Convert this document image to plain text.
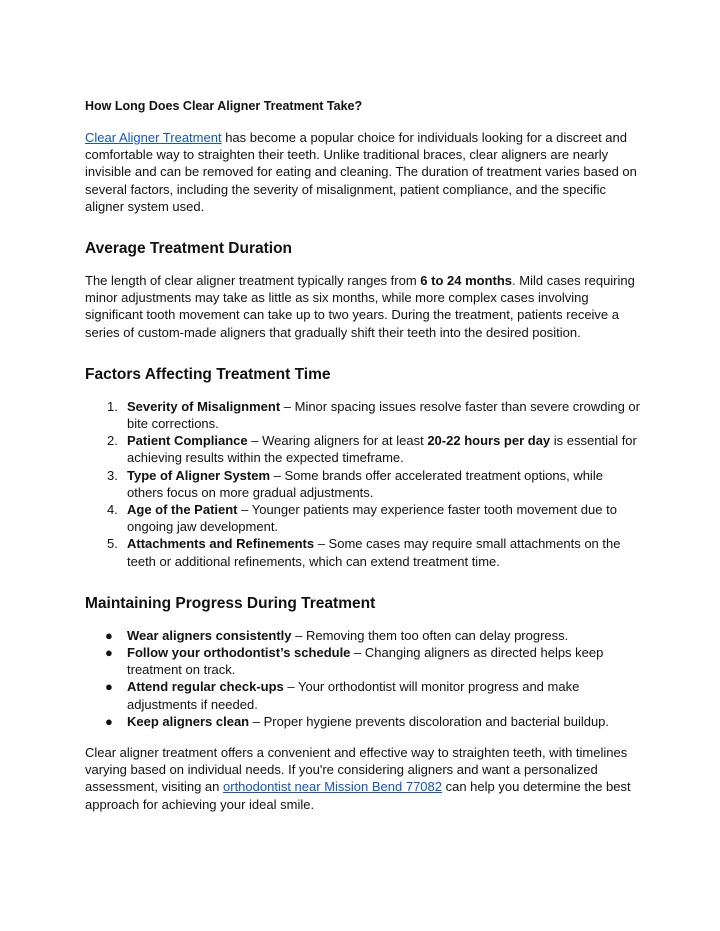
How Long Does Clear Aligner Treatment Take?

Clear Aligner Treatment has become a popular choice for individuals looking for a discreet and comfortable way to straighten their teeth. Unlike traditional braces, clear aligners are nearly invisible and can be removed for eating and cleaning. The duration of treatment varies based on several factors, including the severity of misalignment, patient compliance, and the specific aligner system used.

Average Treatment Duration

The length of clear aligner treatment typically ranges from 6 to 24 months. Mild cases requiring minor adjustments may take as little as six months, while more complex cases involving significant tooth movement can take up to two years. During the treatment, patients receive a series of custom-made aligners that gradually shift their teeth into the desired position.

Factors Affecting Treatment Time
1. Severity of Misalignment – Minor spacing issues resolve faster than severe crowding or bite corrections.
2. Patient Compliance – Wearing aligners for at least 20-22 hours per day is essential for achieving results within the expected timeframe.
3. Type of Aligner System – Some brands offer accelerated treatment options, while others focus on more gradual adjustments.
4. Age of the Patient – Younger patients may experience faster tooth movement due to ongoing jaw development.
5. Attachments and Refinements – Some cases may require small attachments on the teeth or additional refinements, which can extend treatment time.
Maintaining Progress During Treatment
● Wear aligners consistently – Removing them too often can delay progress.
● Follow your orthodontist’s schedule – Changing aligners as directed helps keep treatment on track.
● Attend regular check-ups – Your orthodontist will monitor progress and make adjustments if needed.
● Keep aligners clean – Proper hygiene prevents discoloration and bacterial buildup.

Clear aligner treatment offers a convenient and effective way to straighten teeth, with timelines varying based on individual needs. If you're considering aligners and want a personalized assessment, visiting an orthodontist near Mission Bend 77082 can help you determine the best approach for achieving your ideal smile.
